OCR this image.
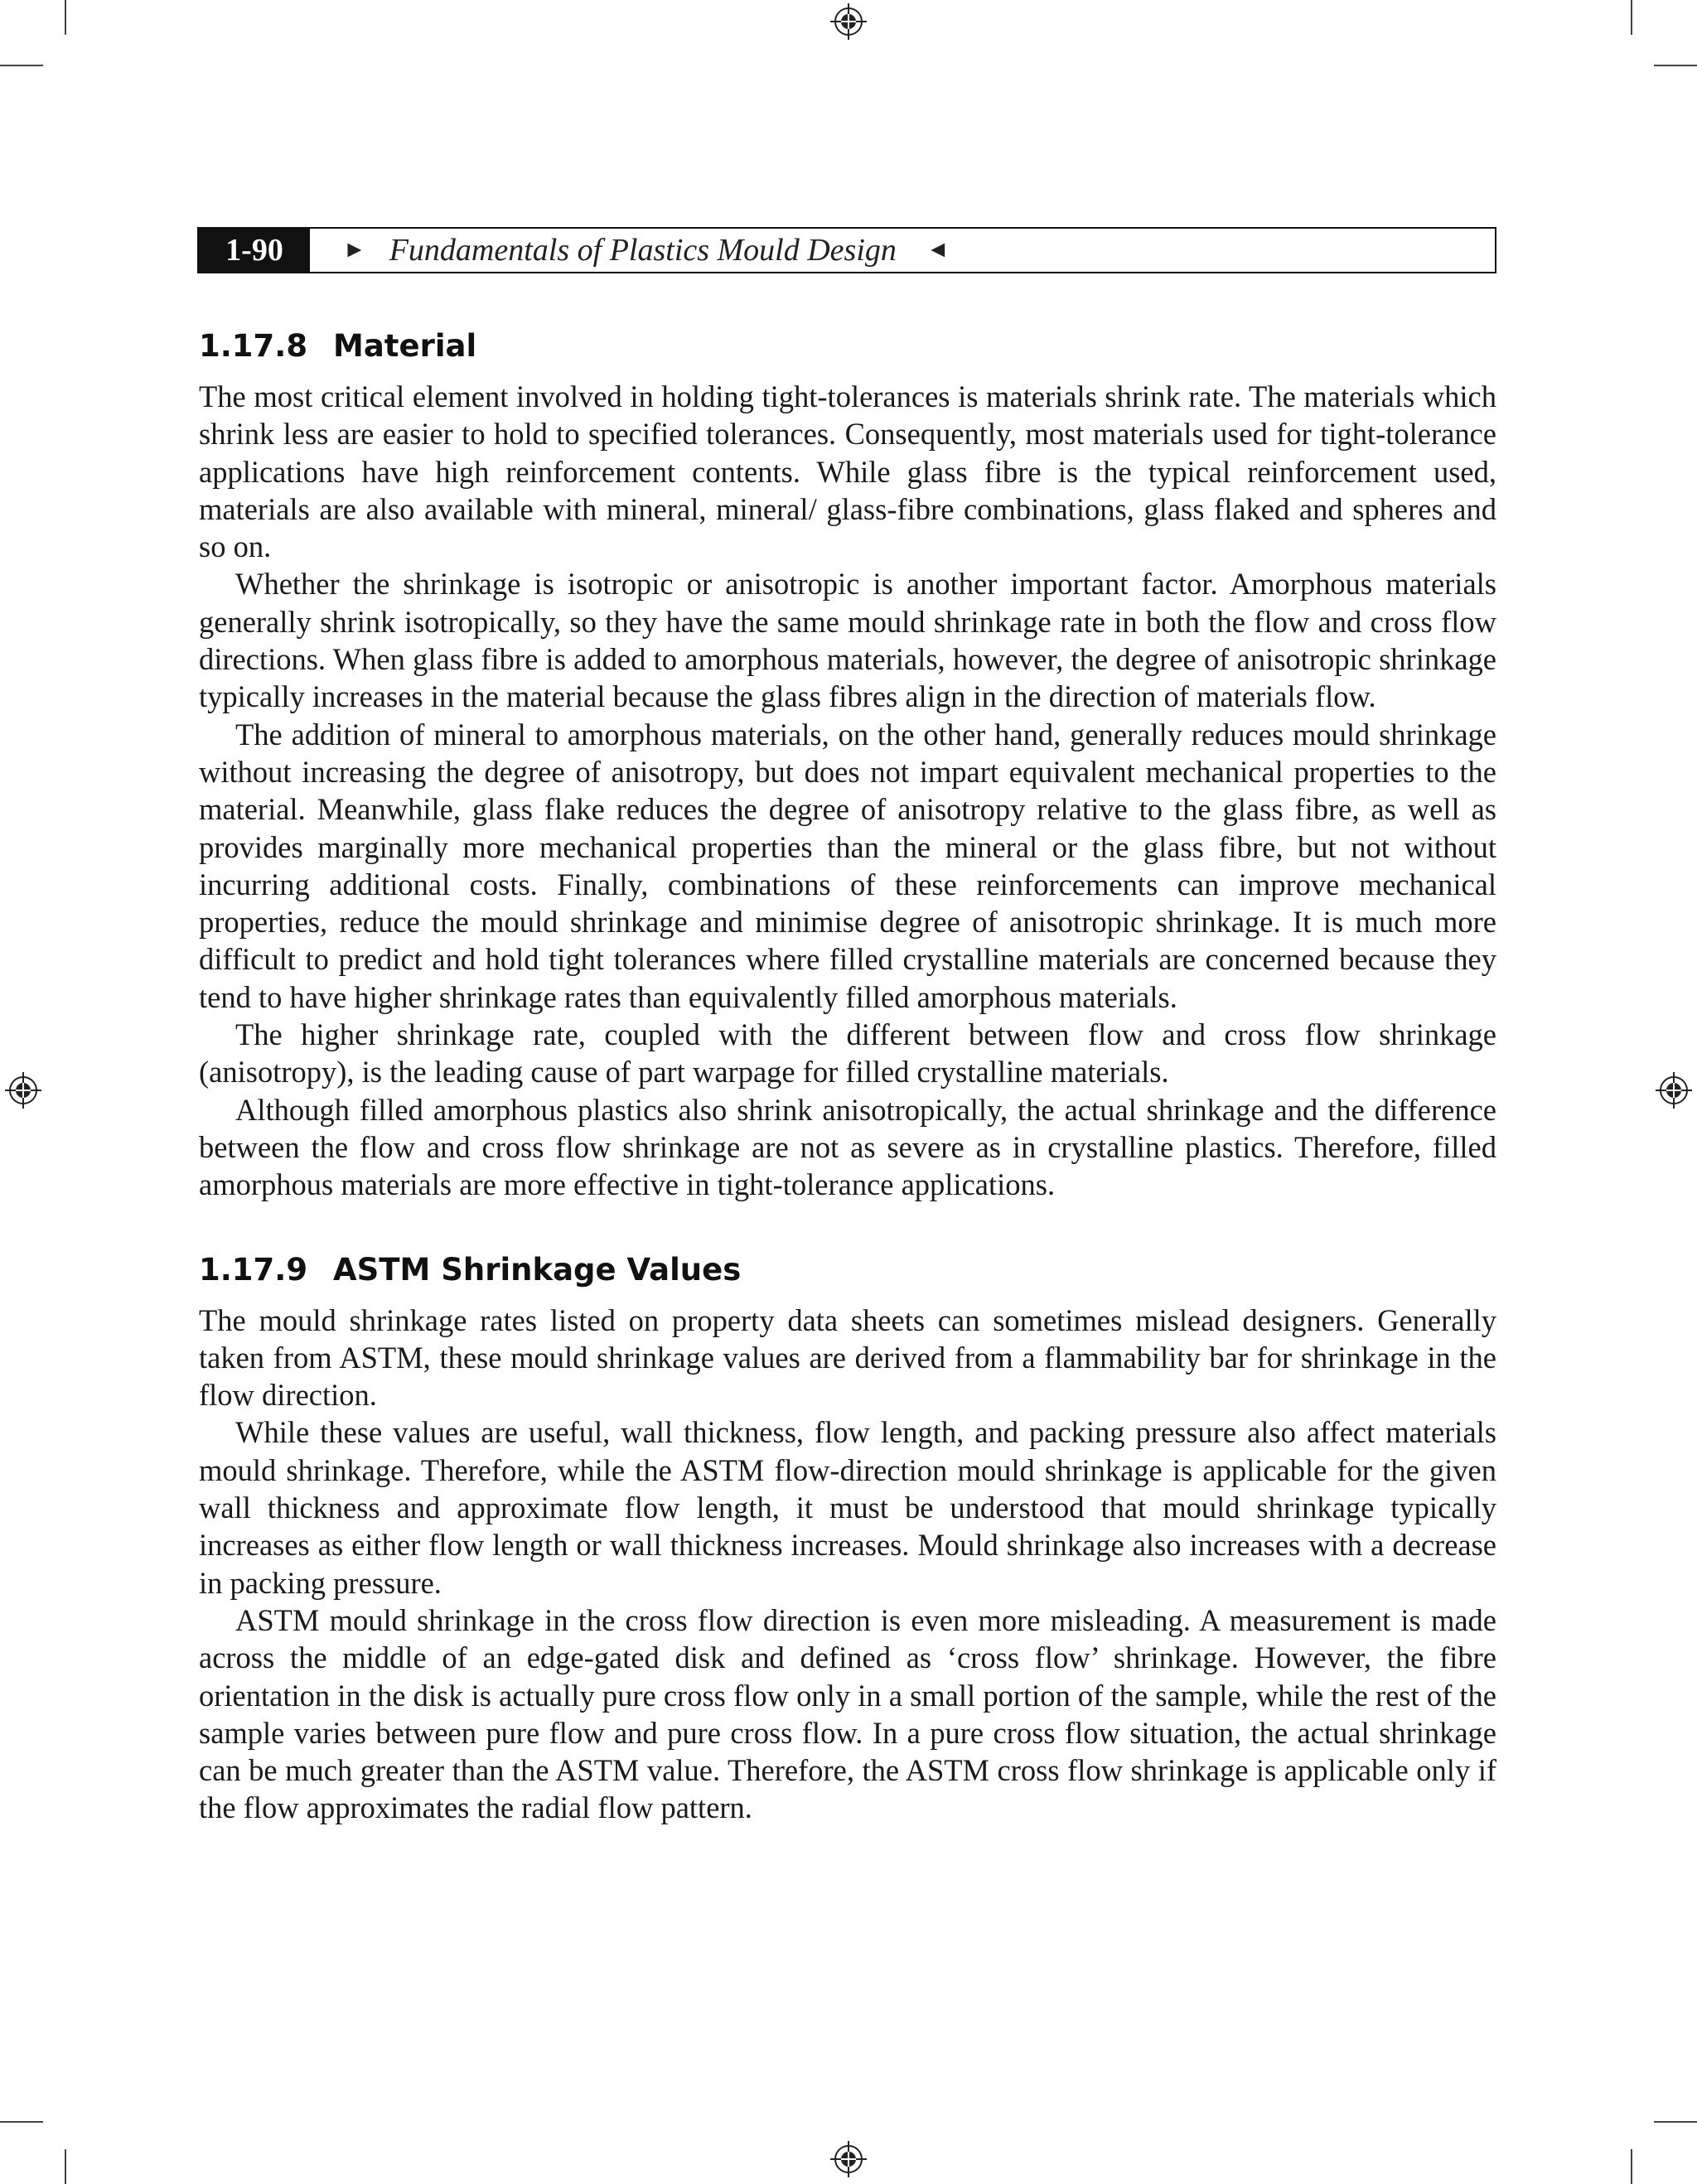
1-90	► Fundamentals of Plastics Mould Design ◄
1.17.8 Material

The most critical element involved in holding tight-tolerances is materials shrink rate. The materials which shrink less are easier to hold to specified tolerances. Consequently, most materials used for tight-tolerance applications have high reinforcement contents. While glass fibre is the typical reinforcement used, materials are also available with mineral, mineral/ glass-fibre combinations, glass flaked and spheres and so on.

Whether the shrinkage is isotropic or anisotropic is another important factor. Amorphous materials generally shrink isotropically, so they have the same mould shrinkage rate in both the flow and cross flow directions. When glass fibre is added to amorphous materials, however, the degree of anisotropic shrinkage typically increases in the material because the glass fibres align in the direction of materials flow.

The addition of mineral to amorphous materials, on the other hand, generally reduces mould shrinkage without increasing the degree of anisotropy, but does not impart equivalent mechanical properties to the material. Meanwhile, glass flake reduces the degree of anisotropy relative to the glass fibre, as well as provides marginally more mechanical properties than the mineral or the glass fibre, but not without incurring additional costs. Finally, combinations of these reinforcements can improve mechanical properties, reduce the mould shrinkage and minimise degree of anisotropic shrinkage. It is much more difficult to predict and hold tight tolerances where filled crystalline materials are concerned because they tend to have higher shrinkage rates than equivalently filled amorphous materials.

The higher shrinkage rate, coupled with the different between flow and cross flow shrinkage (anisotropy), is the leading cause of part warpage for filled crystalline materials.

Although filled amorphous plastics also shrink anisotropically, the actual shrinkage and the difference between the flow and cross flow shrinkage are not as severe as in crystalline plastics. Therefore, filled amorphous materials are more effective in tight-tolerance applications.

1.17.9 ASTM Shrinkage Values

The mould shrinkage rates listed on property data sheets can sometimes mislead designers. Generally taken from ASTM, these mould shrinkage values are derived from a flammability bar for shrinkage in the flow direction.

While these values are useful, wall thickness, flow length, and packing pressure also affect materials mould shrinkage. Therefore, while the ASTM flow-direction mould shrinkage is applicable for the given wall thickness and approximate flow length, it must be understood that mould shrinkage typically increases as either flow length or wall thickness increases. Mould shrinkage also increases with a decrease in packing pressure.

ASTM mould shrinkage in the cross flow direction is even more misleading. A measurement is made across the middle of an edge-gated disk and defined as ‘cross flow’ shrinkage. However, the fibre orientation in the disk is actually pure cross flow only in a small portion of the sample, while the rest of the sample varies between pure flow and pure cross flow. In a pure cross flow situation, the actual shrinkage can be much greater than the ASTM value. Therefore, the ASTM cross flow shrinkage is applicable only if the flow approximates the radial flow pattern.
